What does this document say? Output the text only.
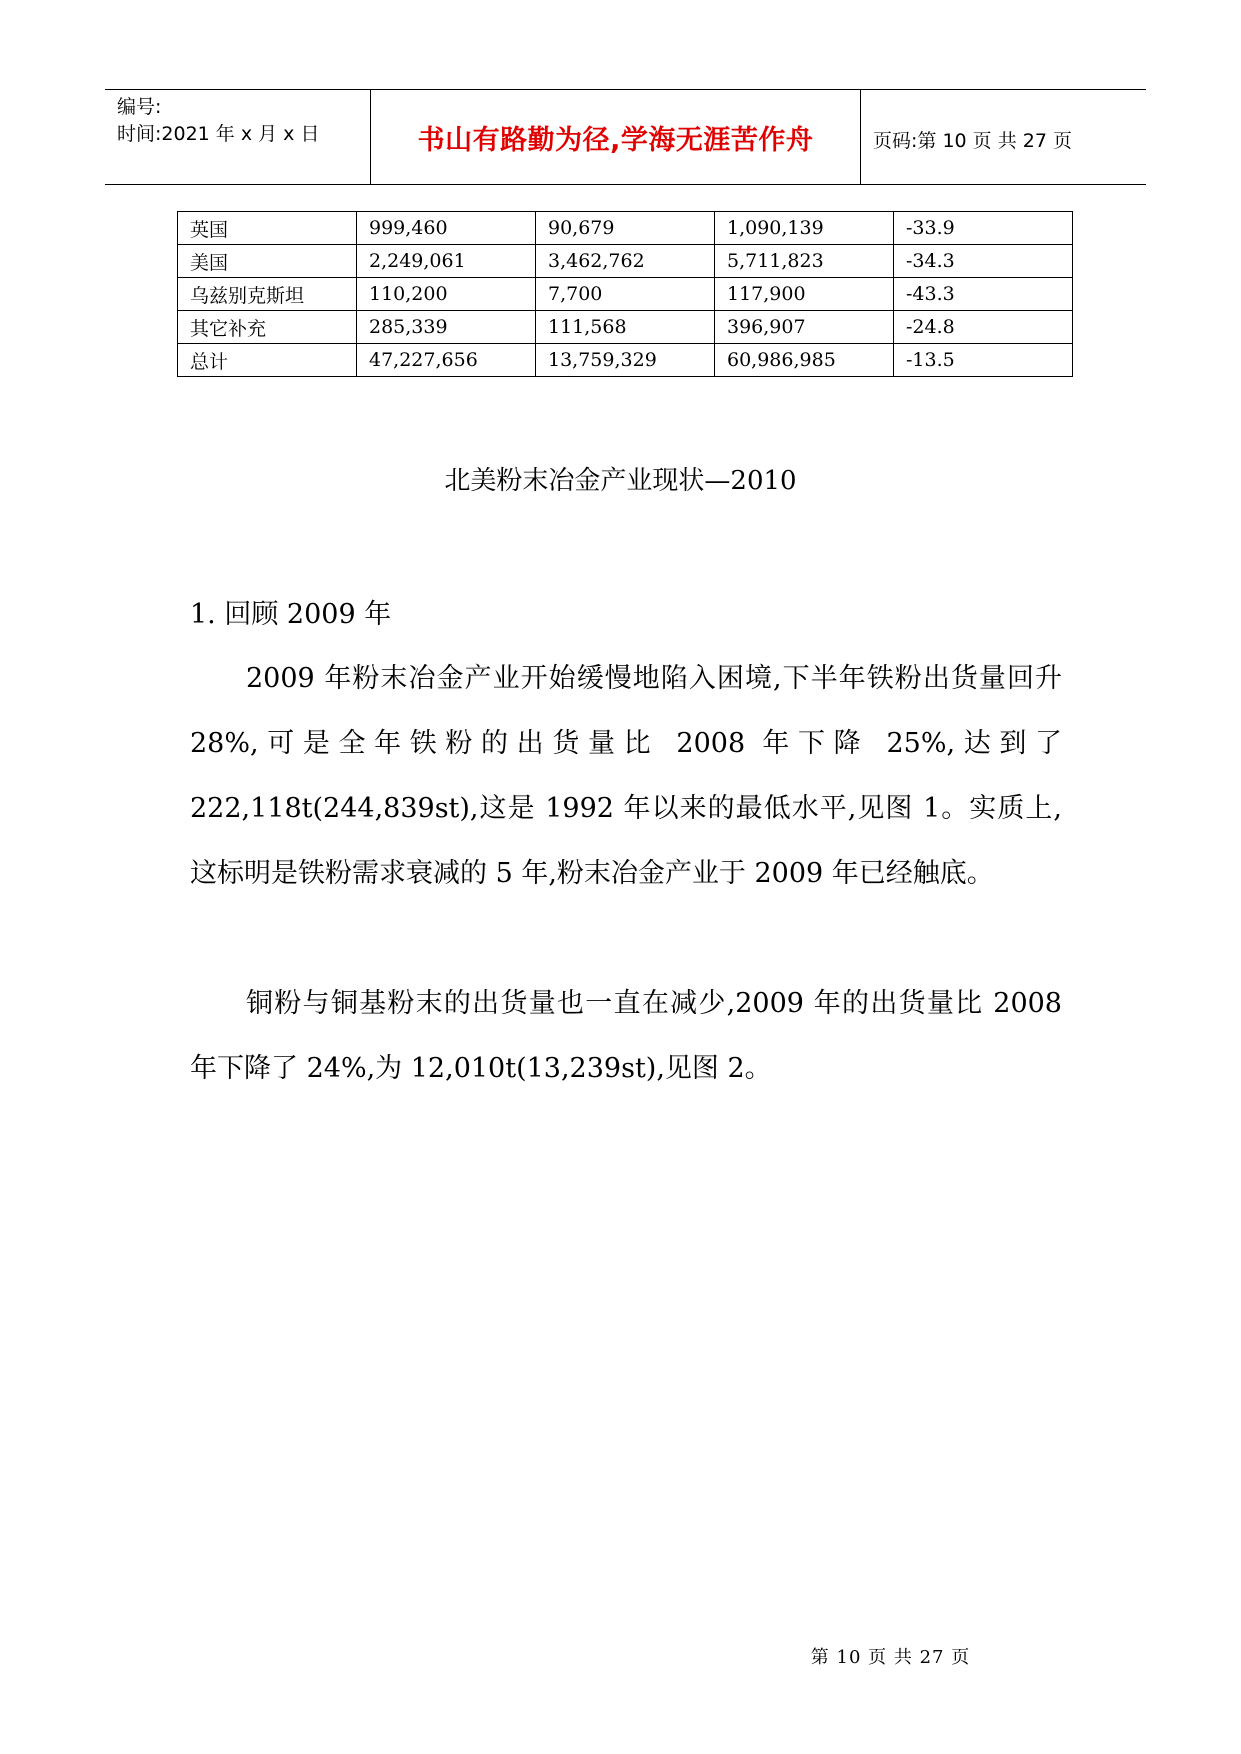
编号:
时间:2021 年 x 月 x 日	书山有路勤为径,学海无涯苦作舟	页码:第 10 页 共 27 页
英国	999,460	90,679	1,090,139	-33.9
美国	2,249,061	3,462,762	5,711,823	-34.3
乌兹别克斯坦	110,200	7,700	117,900	-43.3
其它补充	285,339	111,568	396,907	-24.8
总计	47,227,656	13,759,329	60,986,985	-13.5
北美粉末冶金产业现状—2010
1. 回顾 2009 年

2009 年粉末冶金产业开始缓慢地陷入困境,下半年铁粉出货量回升 28%,可是全年铁粉的出货量比 2008 年下降 25%,达到了 222,118t(244,839st),这是 1992 年以来的最低水平,见图 1。实质上,这标明是铁粉需求衰减的 5 年,粉末冶金产业于 2009 年已经触底。

铜粉与铜基粉末的出货量也一直在减少,2009 年的出货量比 2008 年下降了 24%,为 12,010t(13,239st),见图 2。

第 10 页 共 27 页
